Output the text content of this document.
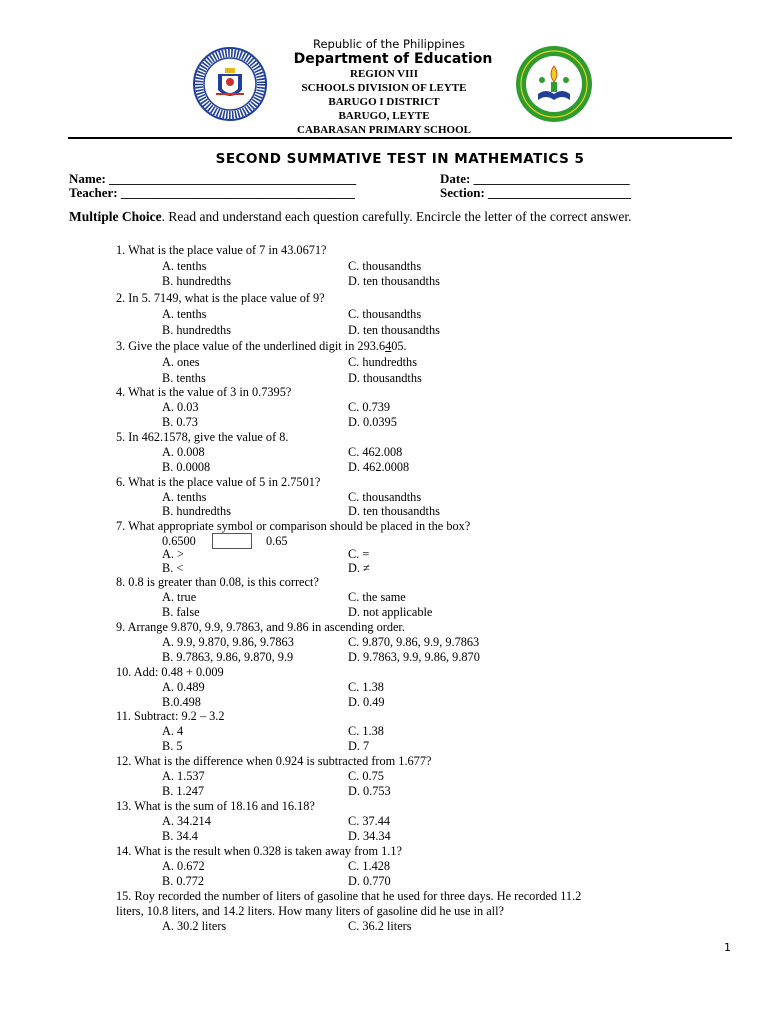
Republic of the Philippines
Department of Education
REGION VIII
SCHOOLS DIVISION OF LEYTE
BARUGO I DISTRICT
BARUGO, LEYTE
CABARASAN PRIMARY SCHOOL
SECOND SUMMATIVE TEST IN MATHEMATICS 5
Name: ______________________________________
Teacher: ____________________________________
Date: ________________________
Section: ______________________
Multiple Choice. Read and understand each question carefully. Encircle the letter of the correct answer.
1. What is the place value of 7 in 43.0671?
A. tenths	C. thousandths
B. hundredths	D. ten thousandths
2. In 5. 7149, what is the place value of 9?
A. tenths	C. thousandths
B. hundredths	D. ten thousandths
3. Give the place value of the underlined digit in 293.6405.
A. ones	C. hundredths
B. tenths	D. thousandths
4. What is the value of 3 in 0.7395?
A. 0.03	C. 0.739
B. 0.73	D. 0.0395
5. In 462.1578, give the value of 8.
A. 0.008	C. 462.008
B. 0.0008	D. 462.0008
6. What is the place value of 5 in 2.7501?
A. tenths	C. thousandths
B. hundredths	D. ten thousandths
7. What appropriate symbol or comparison should be placed in the box?
0.6500	0.65
A. >	C. =
B. <	D. ≠
8. 0.8 is greater than 0.08, is this correct?
A. true	C. the same
B. false	D. not applicable
9. Arrange 9.870, 9.9, 9.7863, and 9.86 in ascending order.
A. 9.9, 9.870, 9.86, 9.7863	C. 9.870, 9.86, 9.9, 9.7863
B. 9.7863, 9.86, 9.870, 9.9	D. 9.7863, 9.9, 9.86, 9.870
10. Add: 0.48 + 0.009
A. 0.489	C. 1.38
B.0.498	D. 0.49
11. Subtract: 9.2 – 3.2
A. 4	C. 1.38
B. 5	D. 7
12. What is the difference when 0.924 is subtracted from 1.677?
A. 1.537	C. 0.75
B. 1.247	D. 0.753
13. What is the sum of 18.16 and 16.18?
A. 34.214	C. 37.44
B. 34.4	D. 34.34
14. What is the result when 0.328 is taken away from 1.1?
A. 0.672	C. 1.428
B. 0.772	D. 0.770
15. Roy recorded the number of liters of gasoline that he used for three days. He recorded 11.2
liters, 10.8 liters, and 14.2 liters. How many liters of gasoline did he use in all?
A. 30.2 liters	C. 36.2 liters
1
